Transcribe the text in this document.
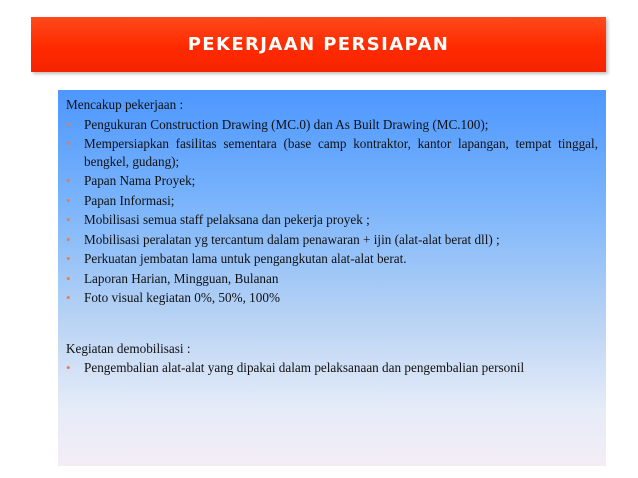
PEKERJAAN PERSIAPAN
Mencakup pekerjaan :
• Pengukuran Construction Drawing (MC.0) dan As Built Drawing (MC.100);
• Mempersiapkan fasilitas sementara (base camp kontraktor, kantor lapangan, tempat tinggal, bengkel, gudang);
• Papan Nama Proyek;
• Papan Informasi;
• Mobilisasi semua staff pelaksana dan pekerja proyek ;
• Mobilisasi peralatan yg tercantum dalam penawaran + ijin (alat-alat berat dll) ;
• Perkuatan jembatan lama untuk pengangkutan alat-alat berat.
• Laporan Harian, Mingguan, Bulanan
• Foto visual kegiatan 0%, 50%, 100%
Kegiatan demobilisasi :
• Pengembalian alat-alat yang dipakai dalam pelaksanaan dan pengembalian personil
